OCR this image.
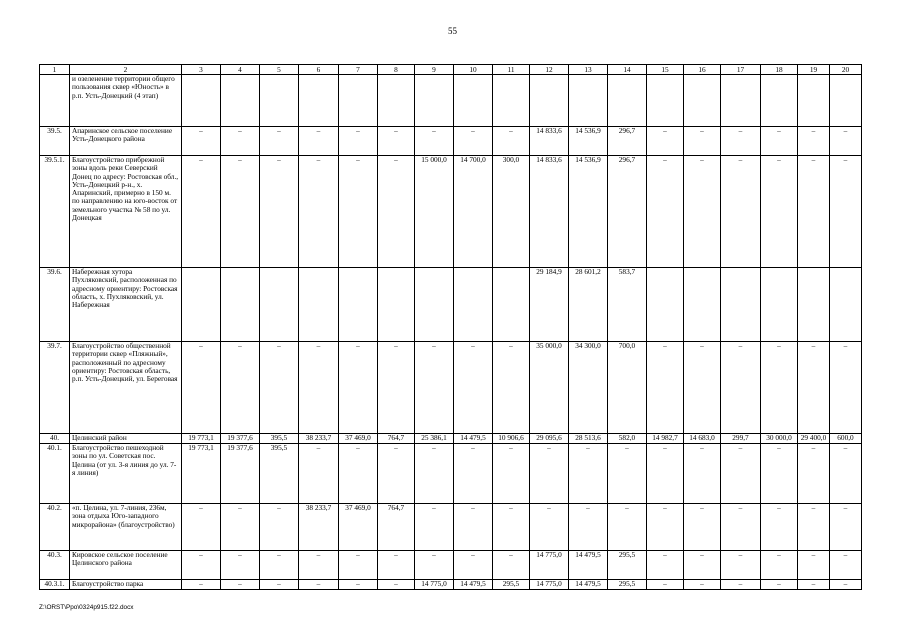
55
1	2	3	4	5	6	7	8	9	10	11	12	13	14	15	16	17	18	19	20
	и озеленение территории общего пользования сквер «Юность» в р.п. Усть-Донецкий (4 этап)																		
39.5.	Апаринское сельское поселение Усть-Донецкого района	–	–	–	–	–	–	–	–	–	14 833,6	14 536,9	296,7	–	–	–	–	–	–
39.5.1.	Благоустройство прибрежной зоны вдоль реки Северский Донец по адресу: Ростовская обл., Усть-Донецкий р-н., х. Апаринский, примерно в 150 м. по направлению на юго-восток от земельного участка № 58 по ул. Донецкая	–	–	–	–	–	–	15 000,0	14 700,0	300,0	14 833,6	14 536,9	296,7	–	–	–	–	–	–
39.6.	Набережная хутора Пухляковский, расположенная по адресному ориентиру: Ростовская область, х. Пухляковский, ул. Набережная										29 184,9	28 601,2	583,7						
39.7.	Благоустройство общественной территории сквер «Пляжный», расположенный по адресному ориентиру: Ростовская область, р.п. Усть-Донецкий, ул. Береговая	–	–	–	–	–	–	–	–	–	35 000,0	34 300,0	700,0	–	–	–	–	–	–
40.	Целинский район	19 773,1	19 377,6	395,5	38 233,7	37 469,0	764,7	25 386,1	14 479,5	10 906,6	29 095,6	28 513,6	582,0	14 982,7	14 683,0	299,7	30 000,0	29 400,0	600,0
40.1.	Благоустройство пешеходной зоны по ул. Советская пос. Целина (от ул. 3-я линия до ул. 7-я линия)	19 773,1	19 377,6	395,5	–	–	–	–	–	–	–	–	–	–	–	–	–	–	–
40.2.	«п. Целина, ул. 7-линия, 236м, зона отдыха Юго-западного микрорайона» (благоустройство)	–	–	–	38 233,7	37 469,0	764,7	–	–	–	–	–	–	–	–	–	–	–	–
40.3.	Кировское сельское поселение Целинского района	–	–	–	–	–	–	–	–	–	14 775,0	14 479,5	295,5	–	–	–	–	–	–
40.3.1.	Благоустройство парка	–	–	–	–	–	–	14 775,0	14 479,5	295,5	14 775,0	14 479,5	295,5	–	–	–	–	–	–
Z:\ORST\Ppo\0324p915.f22.docx
